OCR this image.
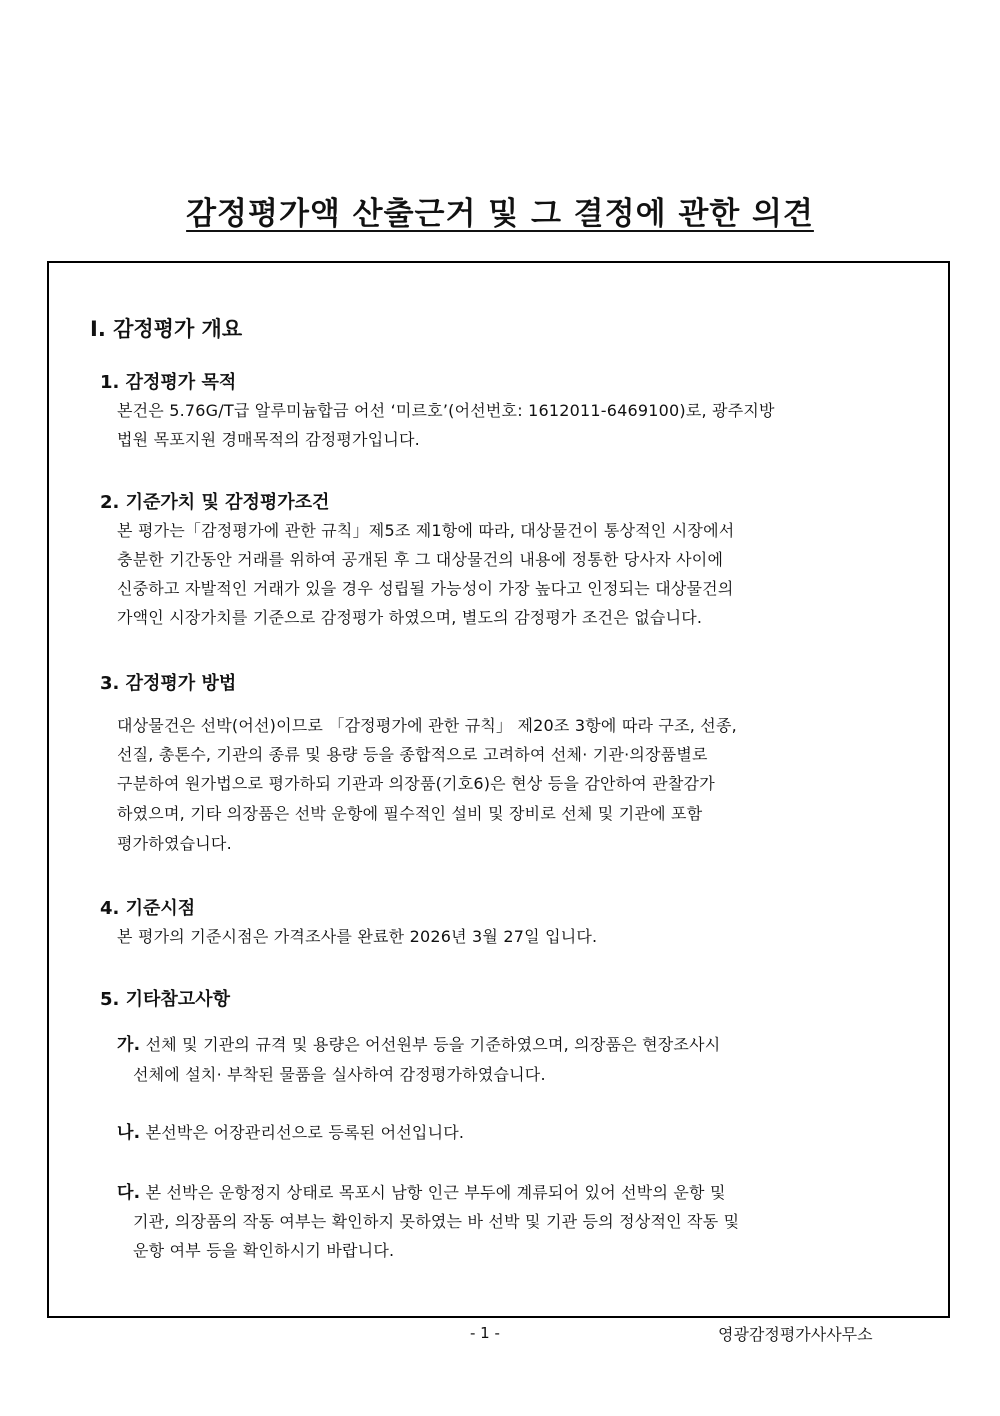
감정평가액 산출근거 및 그 결정에 관한 의견
Ⅰ. 감정평가 개요
1. 감정평가 목적
본건은 5.76G/T급 알루미늄합금 어선 ‘미르호’(어선번호: 1612011-6469100)로, 광주지방
법원 목포지원 경매목적의 감정평가입니다.
2. 기준가치 및 감정평가조건
본 평가는「감정평가에 관한 규칙」제5조 제1항에 따라, 대상물건이 통상적인 시장에서
충분한 기간동안 거래를 위하여 공개된 후 그 대상물건의 내용에 정통한 당사자 사이에
신중하고 자발적인 거래가 있을 경우 성립될 가능성이 가장 높다고 인정되는 대상물건의
가액인 시장가치를 기준으로 감정평가 하였으며, 별도의 감정평가 조건은 없습니다.
3. 감정평가 방법
대상물건은 선박(어선)이므로 「감정평가에 관한 규칙」 제20조 3항에 따라 구조, 선종,
선질, 총톤수, 기관의 종류 및 용량 등을 종합적으로 고려하여 선체· 기관·의장품별로
구분하여 원가법으로 평가하되 기관과 의장품(기호6)은 현상 등을 감안하여 관찰감가
하였으며, 기타 의장품은 선박 운항에 필수적인 설비 및 장비로 선체 및 기관에 포함
평가하였습니다.
4. 기준시점
본 평가의 기준시점은 가격조사를 완료한 2026년 3월 27일 입니다.
5. 기타참고사항
가. 선체 및 기관의 규격 및 용량은 어선원부 등을 기준하였으며, 의장품은 현장조사시
선체에 설치· 부착된 물품을 실사하여 감정평가하였습니다.
나. 본선박은 어장관리선으로 등록된 어선입니다.
다. 본 선박은 운항정지 상태로 목포시 남항 인근 부두에 계류되어 있어 선박의 운항 및
기관, 의장품의 작동 여부는 확인하지 못하였는 바 선박 및 기관 등의 정상적인 작동 및
운항 여부 등을 확인하시기 바랍니다.
- 1 -	영광감정평가사사무소
